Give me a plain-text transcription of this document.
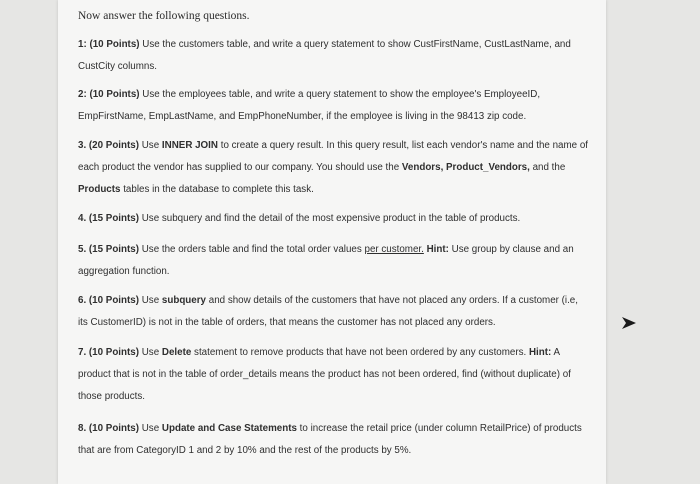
Now answer the following questions.
1: (10 Points) Use the customers table, and write a query statement to show CustFirstName, CustLastName, and CustCity columns.
2: (10 Points) Use the employees table, and write a query statement to show the employee's EmployeeID, EmpFirstName, EmpLastName, and EmpPhoneNumber, if the employee is living in the 98413 zip code.
3. (20 Points) Use INNER JOIN to create a query result. In this query result, list each vendor's name and the name of each product the vendor has supplied to our company. You should use the Vendors, Product_Vendors, and the Products tables in the database to complete this task.
4. (15 Points) Use subquery and find the detail of the most expensive product in the table of products.
5. (15 Points) Use the orders table and find the total order values per customer. Hint: Use group by clause and an aggregation function.
6. (10 Points) Use subquery and show details of the customers that have not placed any orders. If a customer (i.e, its CustomerID) is not in the table of orders, that means the customer has not placed any orders.
7. (10 Points) Use Delete statement to remove products that have not been ordered by any customers. Hint: A product that is not in the table of order_details means the product has not been ordered, find (without duplicate) of those products.
8. (10 Points) Use Update and Case Statements to increase the retail price (under column RetailPrice) of products that are from CategoryID 1 and 2 by 10% and the rest of the products by 5%.
